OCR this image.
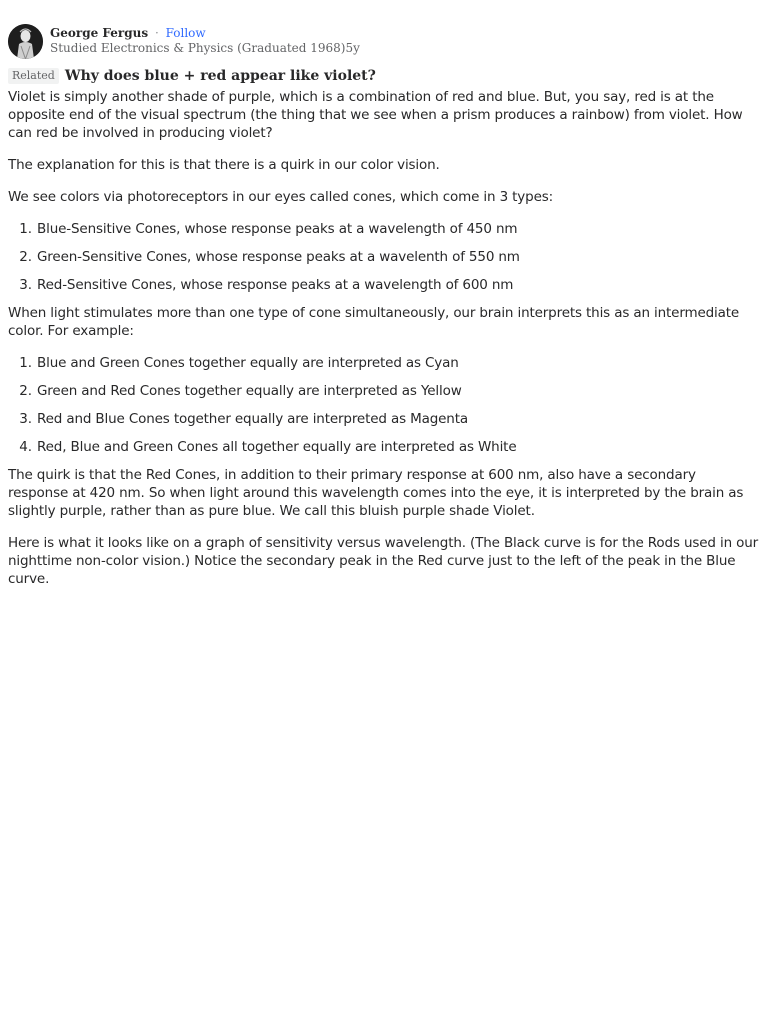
George Fergus · Follow
Studied Electronics & Physics (Graduated 1968)5y
Related Why does blue + red appear like violet?

Violet is simply another shade of purple, which is a combination of red and blue. But, you say, red is at the opposite end of the visual spectrum (the thing that we see when a prism produces a rainbow) from violet. How can red be involved in producing violet?

The explanation for this is that there is a quirk in our color vision.

We see colors via photoreceptors in our eyes called cones, which come in 3 types:

1. Blue-Sensitive Cones, whose response peaks at a wavelength of 450 nm
2. Green-Sensitive Cones, whose response peaks at a wavelenth of 550 nm
3. Red-Sensitive Cones, whose response peaks at a wavelength of 600 nm

When light stimulates more than one type of cone simultaneously, our brain interprets this as an intermediate color. For example:

1. Blue and Green Cones together equally are interpreted as Cyan
2. Green and Red Cones together equally are interpreted as Yellow
3. Red and Blue Cones together equally are interpreted as Magenta
4. Red, Blue and Green Cones all together equally are interpreted as White

The quirk is that the Red Cones, in addition to their primary response at 600 nm, also have a secondary response at 420 nm. So when light around this wavelength comes into the eye, it is interpreted by the brain as slightly purple, rather than as pure blue. We call this bluish purple shade Violet.

Here is what it looks like on a graph of sensitivity versus wavelength. (The Black curve is for the Rods used in our nighttime non-color vision.) Notice the secondary peak in the Red curve just to the left of the peak in the Blue curve.
